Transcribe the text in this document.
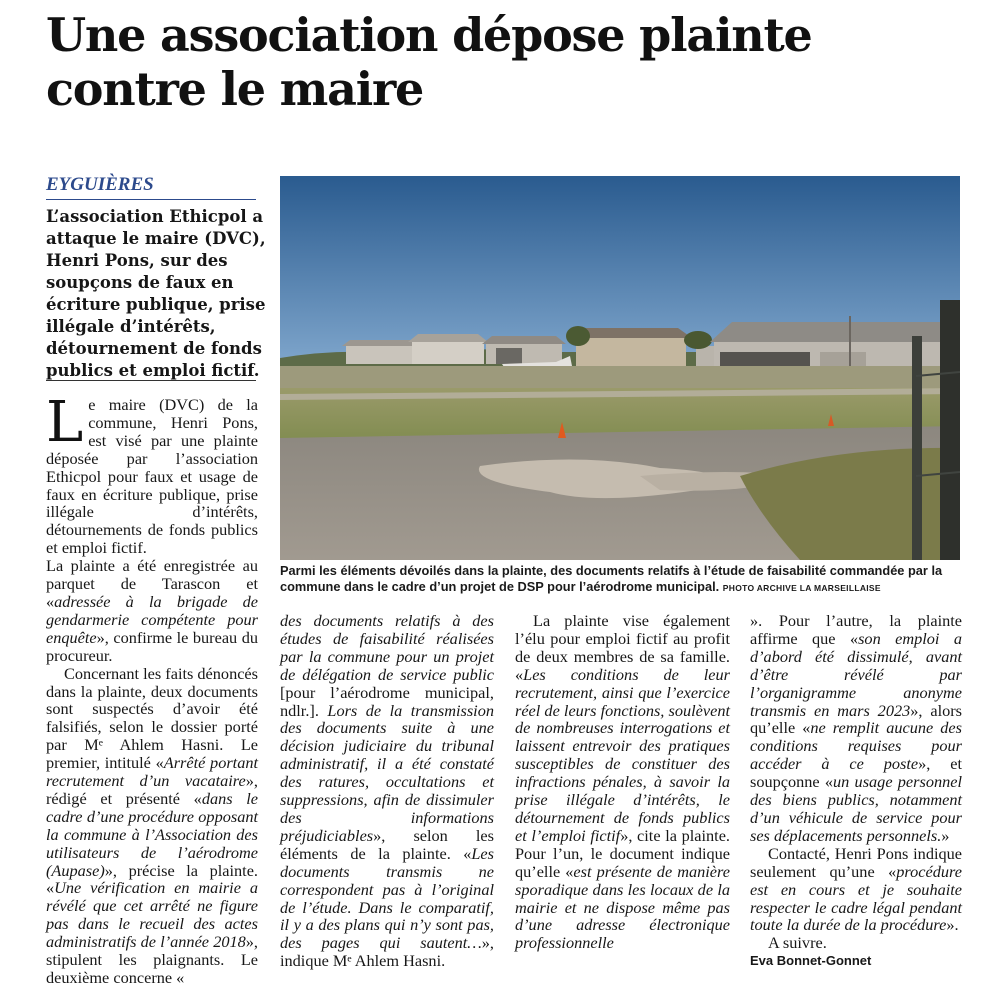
Une association dépose plainte contre le maire
EYGUIÈRES

L’association Ethicpol a attaque le maire (DVC), Henri Pons, sur des soupçons de faux en écriture publique, prise illégale d’intérêts, détournement de fonds publics et emploi fictif.

Parmi les éléments dévoilés dans la plainte, des documents relatifs à l’étude de faisabilité commandée par la commune dans le cadre d’un projet de DSP pour l’aérodrome municipal. PHOTO ARCHIVE LA MARSEILLAISE

Le maire (DVC) de la commune, Henri Pons, est visé par une plainte déposée par l’association Ethicpol pour faux et usage de faux en écriture publique, prise illégale d’intérêts, détournements de fonds publics et emploi fictif.

La plainte a été enregistrée au parquet de Tarascon et «adressée à la brigade de gendarmerie compétente pour enquête», confirme le bureau du procureur.

Concernant les faits dénoncés dans la plainte, deux documents sont suspectés d’avoir été falsifiés, selon le dossier porté par Mᵉ Ahlem Hasni. Le premier, intitulé «Arrêté portant recrutement d’un vacataire», rédigé et présenté «dans le cadre d’une procédure opposant la commune à l’Association des utilisateurs de l’aérodrome (Aupase)», précise la plainte. «Une vérification en mairie a révélé que cet arrêté ne figure pas dans le recueil des actes administratifs de l’année 2018», stipulent les plaignants. Le deuxième concerne «

des documents relatifs à des études de faisabilité réalisées par la commune pour un projet de délégation de service public [pour l’aérodrome municipal, ndlr.]. Lors de la transmission des documents suite à une décision judiciaire du tribunal administratif, il a été constaté des ratures, occultations et suppressions, afin de dissimuler des informations préjudiciables», selon les éléments de la plainte. «Les documents transmis ne correspondent pas à l’original de l’étude. Dans le comparatif, il y a des plans qui n’y sont pas, des pages qui sautent…», indique Mᵉ Ahlem Hasni.

La plainte vise également l’élu pour emploi fictif au profit de deux membres de sa famille. «Les conditions de leur recrutement, ainsi que l’exercice réel de leurs fonctions, soulèvent de nombreuses interrogations et laissent entrevoir des pratiques susceptibles de constituer des infractions pénales, à savoir la prise illégale d’intérêts, le détournement de fonds publics et l’emploi fictif», cite la plainte. Pour l’un, le document indique qu’elle «est présente de manière sporadique dans les locaux de la mairie et ne dispose même pas d’une adresse électronique professionnelle

». Pour l’autre, la plainte affirme que «son emploi a d’abord été dissimulé, avant d’être révélé par l’organigramme anonyme transmis en mars 2023», alors qu’elle «ne remplit aucune des conditions requises pour accéder à ce poste», et soupçonne «un usage personnel des biens publics, notamment d’un véhicule de service pour ses déplacements personnels.»

Contacté, Henri Pons indique seulement qu’une «procédure est en cours et je souhaite respecter le cadre légal pendant toute la durée de la procédure».

A suivre.

Eva Bonnet-Gonnet
